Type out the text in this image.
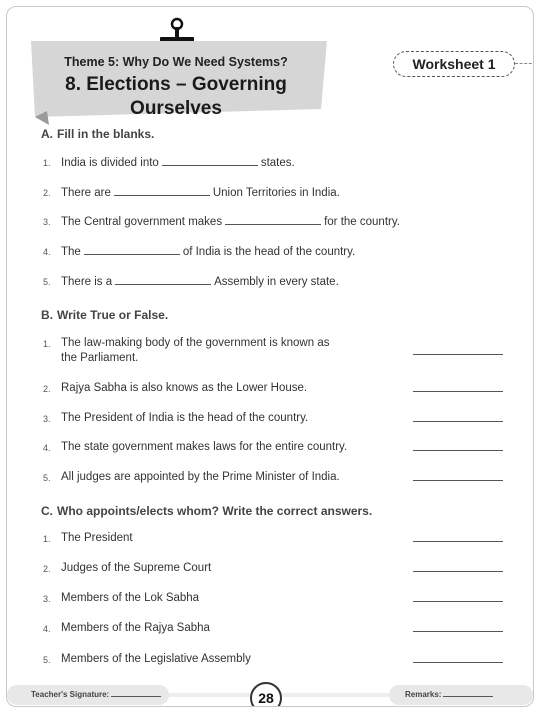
Theme 5: Why Do We Need Systems?
8. Elections – Governing
Ourselves
Worksheet 1
A. Fill in the blanks.
1. India is divided into	states.
2. There are	Union Territories in India.
3. The Central government makes	for the country.
4. The	of India is the head of the country.
5. There is a	Assembly in every state.
B. Write True or False.
1. The law-making body of the government is known as
the Parliament.
2. Rajya Sabha is also knows as the Lower House.
3. The President of India is the head of the country.
4. The state government makes laws for the entire country.
5. All judges are appointed by the Prime Minister of India.
C. Who appoints/elects whom? Write the correct answers.
1. The President
2. Judges of the Supreme Court
3. Members of the Lok Sabha
4. Members of the Rajya Sabha
5. Members of the Legislative Assembly
Teacher's Signature:	28	Remarks:
